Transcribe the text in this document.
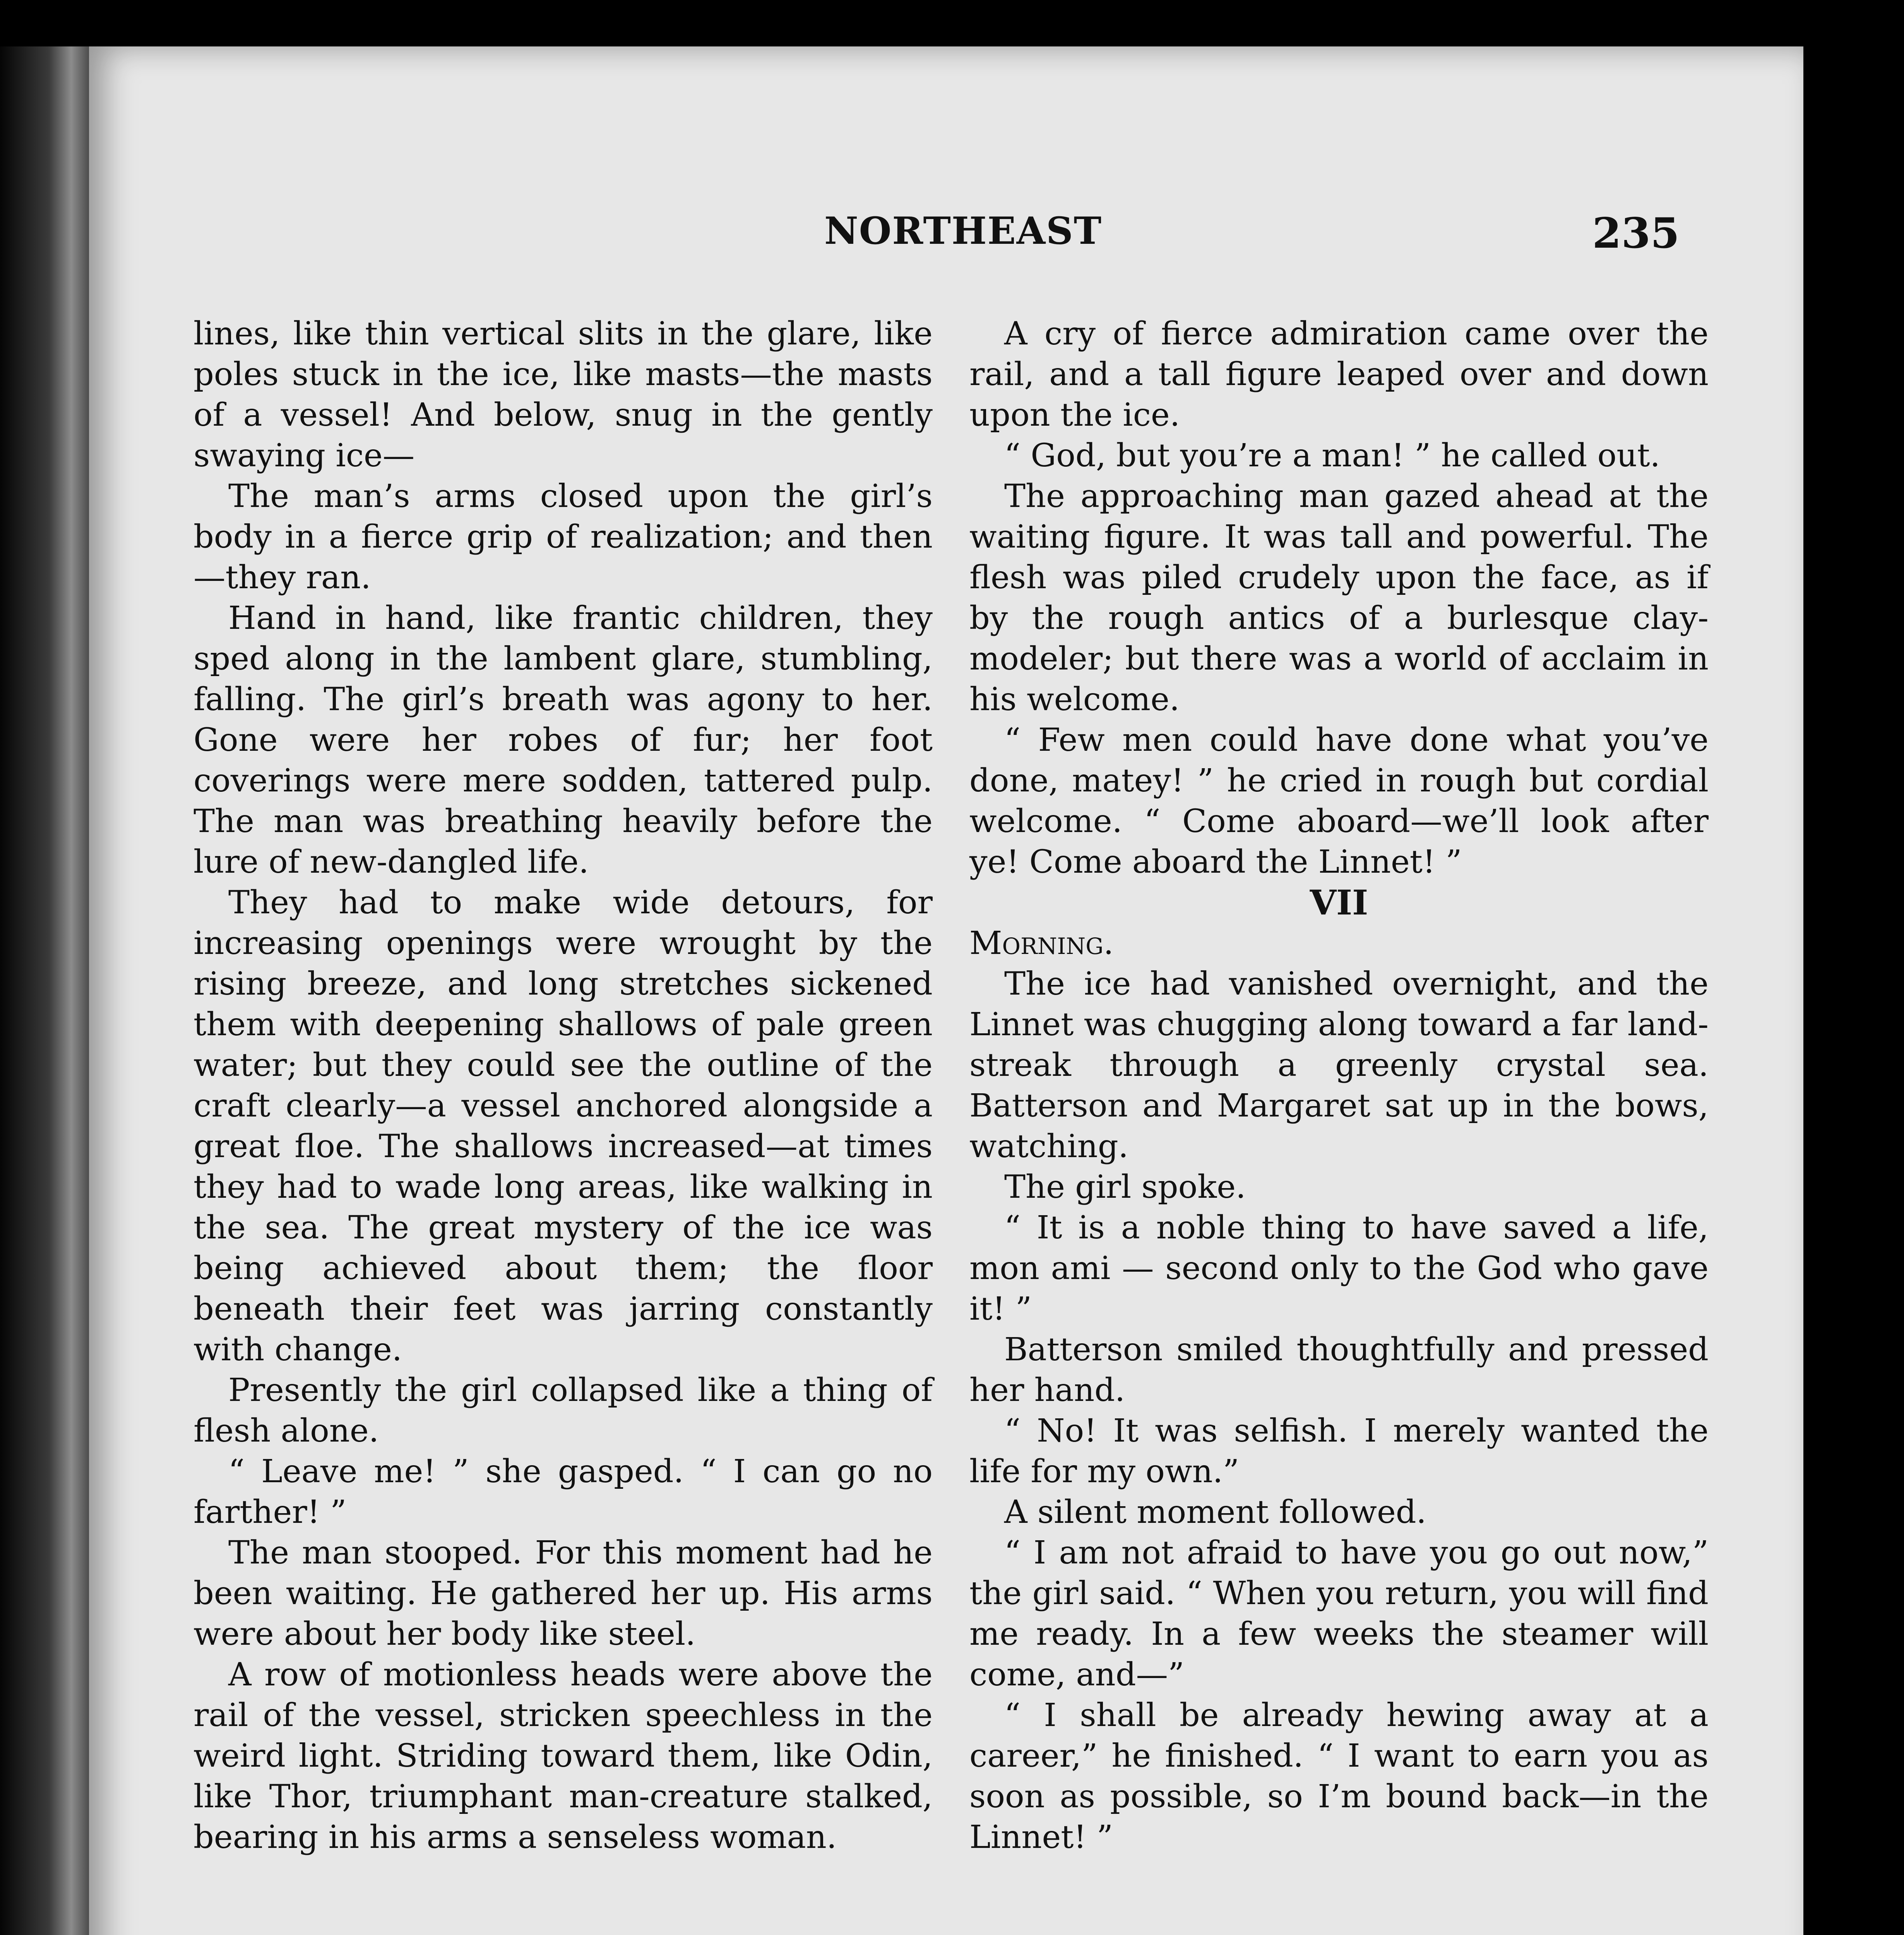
NORTHEAST	235

lines, like thin vertical slits in the glare, like poles stuck in the ice, like masts—the masts of a vessel! And below, snug in the gently swaying ice—

The man’s arms closed upon the girl’s body in a fierce grip of realization; and then—they ran.

Hand in hand, like frantic children, they sped along in the lambent glare, stumbling, falling. The girl’s breath was agony to her. Gone were her robes of fur; her foot coverings were mere sodden, tattered pulp. The man was breathing heavily before the lure of new-dangled life.

They had to make wide detours, for increasing openings were wrought by the rising breeze, and long stretches sickened them with deepening shallows of pale green water; but they could see the outline of the craft clearly—a vessel anchored alongside a great floe. The shallows increased—at times they had to wade long areas, like walking in the sea. The great mystery of the ice was being achieved about them; the floor beneath their feet was jarring constantly with change.

Presently the girl collapsed like a thing of flesh alone.

“ Leave me! ” she gasped. “ I can go no farther! ”

The man stooped. For this moment had he been waiting. He gathered her up. His arms were about her body like steel.

A row of motionless heads were above the rail of the vessel, stricken speechless in the weird light. Striding toward them, like Odin, like Thor, triumphant man-creature stalked, bearing in his arms a senseless woman.

A cry of fierce admiration came over the rail, and a tall figure leaped over and down upon the ice.

“ God, but you’re a man! ” he called out.

The approaching man gazed ahead at the waiting figure. It was tall and powerful. The flesh was piled crudely upon the face, as if by the rough antics of a burlesque clay-modeler; but there was a world of acclaim in his welcome.

“ Few men could have done what you’ve done, matey! ” he cried in rough but cordial welcome. “ Come aboard—we’ll look after ye! Come aboard the Linnet! ”

VII

Morning.

The ice had vanished overnight, and the Linnet was chugging along toward a far land-streak through a greenly crystal sea. Batterson and Margaret sat up in the bows, watching.

The girl spoke.

“ It is a noble thing to have saved a life, mon ami — second only to the God who gave it! ”

Batterson smiled thoughtfully and pressed her hand.

“ No! It was selfish. I merely wanted the life for my own.”

A silent moment followed.

“ I am not afraid to have you go out now,” the girl said. “ When you return, you will find me ready. In a few weeks the steamer will come, and—”

“ I shall be already hewing away at a career,” he finished. “ I want to earn you as soon as possible, so I’m bound back—in the Linnet! ”
